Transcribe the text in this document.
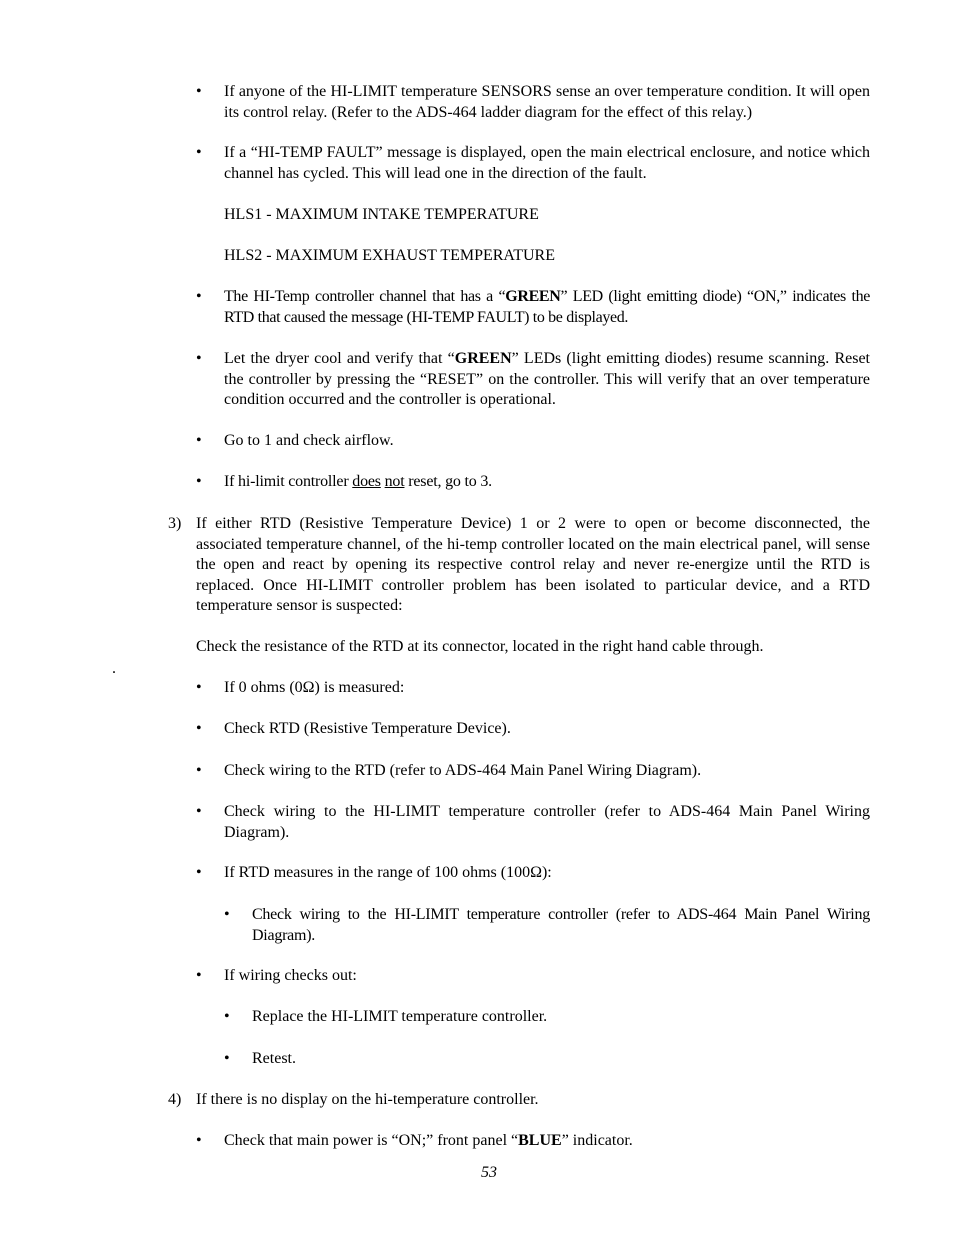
• If anyone of the HI-LIMIT temperature SENSORS sense an over temperature condition. It will open its control relay. (Refer to the ADS-464 ladder diagram for the effect of this relay.)
• If a “HI-TEMP FAULT” message is displayed, open the main electrical enclosure, and notice which channel has cycled. This will lead one in the direction of the fault.
HLS1 - MAXIMUM INTAKE TEMPERATURE
HLS2 - MAXIMUM EXHAUST TEMPERATURE
• The HI-Temp controller channel that has a “GREEN” LED (light emitting diode) “ON,” indicates the RTD that caused the message (HI-TEMP FAULT) to be displayed.
• Let the dryer cool and verify that “GREEN” LEDs (light emitting diodes) resume scanning. Reset the controller by pressing the “RESET” on the controller. This will verify that an over temperature condition occurred and the controller is operational.
• Go to 1 and check airflow.
• If hi-limit controller does not reset, go to 3.
3) If either RTD (Resistive Temperature Device) 1 or 2 were to open or become disconnected, the associated temperature channel, of the hi-temp controller located on the main electrical panel, will sense the open and react by opening its respective control relay and never re-energize until the RTD is replaced. Once HI-LIMIT controller problem has been isolated to particular device, and a RTD temperature sensor is suspected:
Check the resistance of the RTD at its connector, located in the right hand cable through.
.
• If 0 ohms (0Ω) is measured:
• Check RTD (Resistive Temperature Device).
• Check wiring to the RTD (refer to ADS-464 Main Panel Wiring Diagram).
• Check wiring to the HI-LIMIT temperature controller (refer to ADS-464 Main Panel Wiring Diagram).
• If RTD measures in the range of 100 ohms (100Ω):
• Check wiring to the HI-LIMIT temperature controller (refer to ADS-464 Main Panel Wiring Diagram).
• If wiring checks out:
• Replace the HI-LIMIT temperature controller.
• Retest.
4) If there is no display on the hi-temperature controller.
• Check that main power is “ON;” front panel “BLUE” indicator.
53
